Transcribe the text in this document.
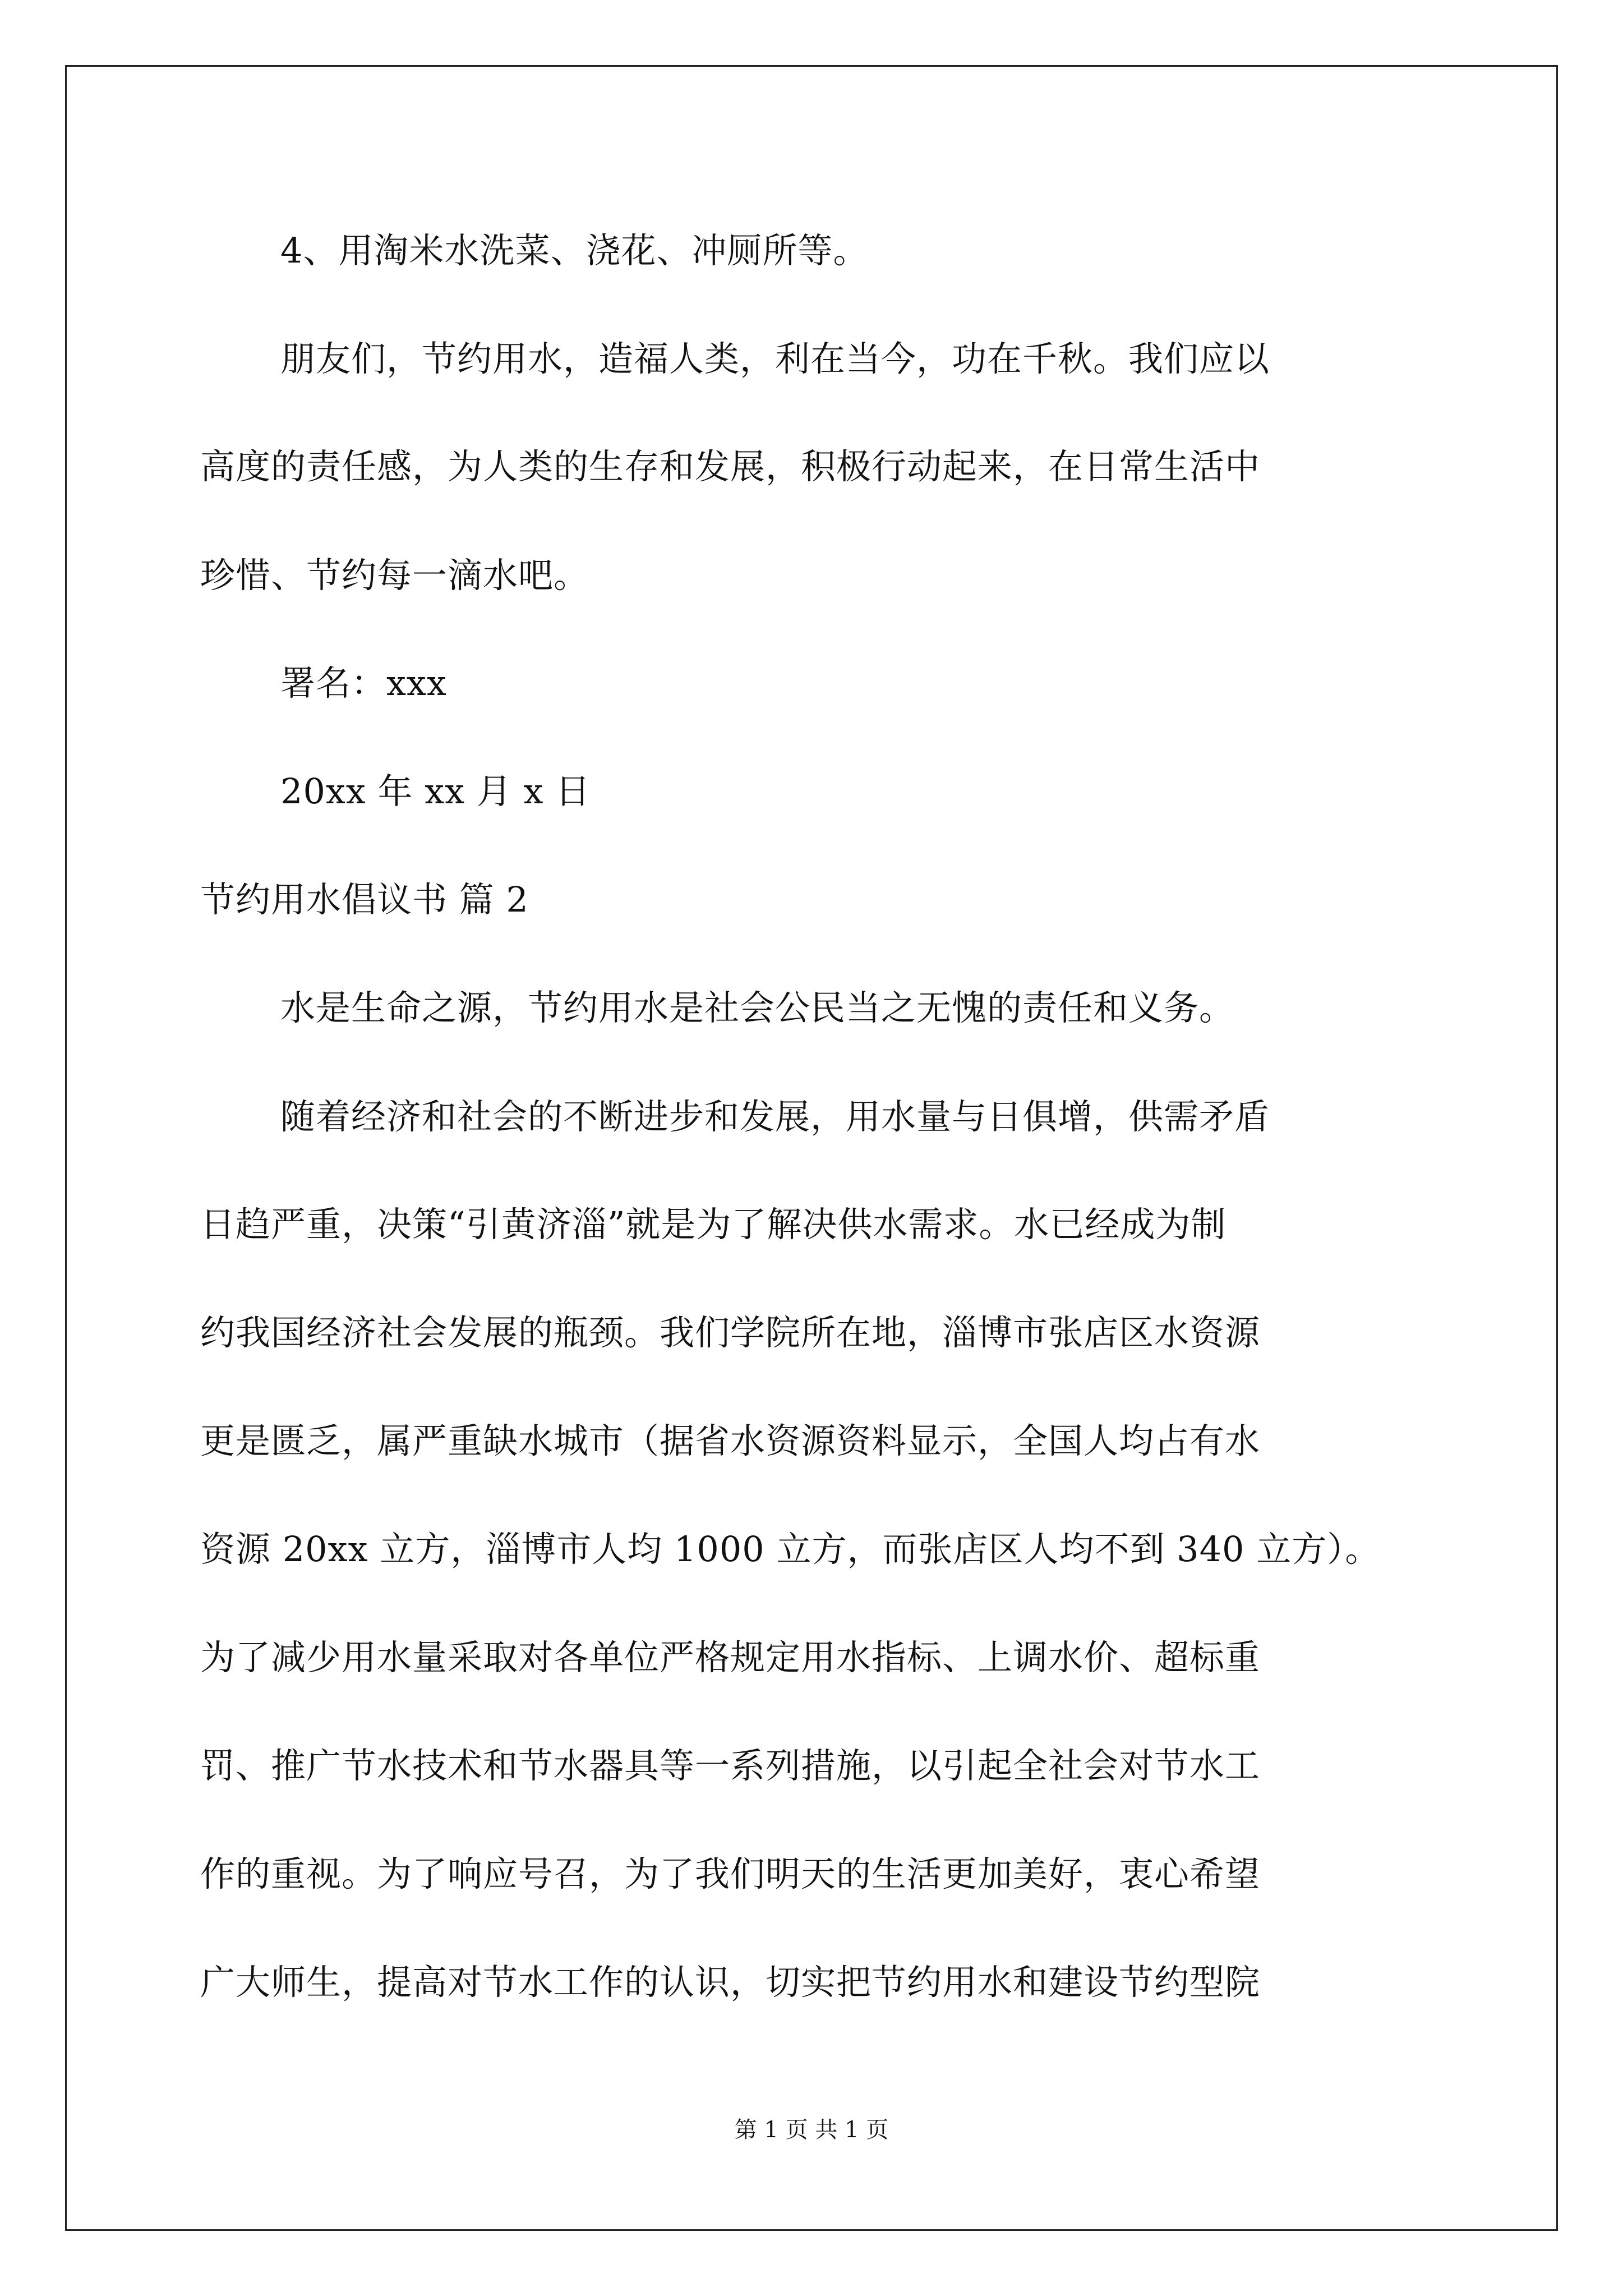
4、用淘米水洗菜、浇花、冲厕所等。
朋友们，节约用水，造福人类，利在当今，功在千秋。我们应以
高度的责任感，为人类的生存和发展，积极行动起来，在日常生活中
珍惜、节约每一滴水吧。
署名：xxx
20xx 年 xx 月 x 日
节约用水倡议书 篇 2
水是生命之源，节约用水是社会公民当之无愧的责任和义务。
随着经济和社会的不断进步和发展，用水量与日俱增，供需矛盾
日趋严重，决策“引黄济淄”就是为了解决供水需求。水已经成为制
约我国经济社会发展的瓶颈。我们学院所在地，淄博市张店区水资源
更是匮乏，属严重缺水城市（据省水资源资料显示，全国人均占有水
资源 20xx 立方，淄博市人均 1000 立方，而张店区人均不到 340 立方）。
为了减少用水量采取对各单位严格规定用水指标、上调水价、超标重
罚、推广节水技术和节水器具等一系列措施，以引起全社会对节水工
作的重视。为了响应号召，为了我们明天的生活更加美好，衷心希望
广大师生，提高对节水工作的认识，切实把节约用水和建设节约型院
第 1 页 共 1 页
